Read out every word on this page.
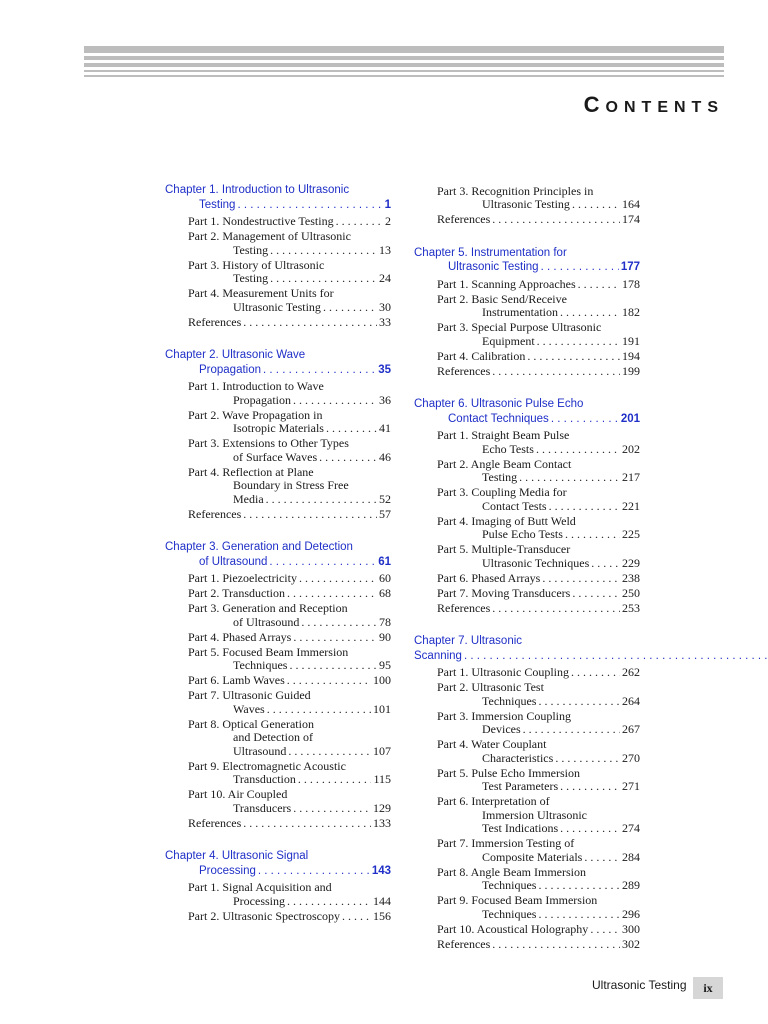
CONTENTS
Chapter 1. Introduction to Ultrasonic
Testing . . .	1
Part 1. Nondestructive Testing . . .	2
Part 2. Management of Ultrasonic
Testing . . .	13
Part 3. History of Ultrasonic
Testing . . .	24
Part 4. Measurement Units for
Ultrasonic Testing . . .	30
References . . .	33
Chapter 2. Ultrasonic Wave
Propagation . . .	35
Part 1. Introduction to Wave
Propagation . . .	36
Part 2. Wave Propagation in
Isotropic Materials . . .	41
Part 3. Extensions to Other Types
of Surface Waves . . .	46
Part 4. Reflection at Plane
Boundary in Stress Free
Media . . .	52
References . . .	57
Chapter 3. Generation and Detection
of Ultrasound . . .	61
Part 1. Piezoelectricity . . .	60
Part 2. Transduction . . .	68
Part 3. Generation and Reception
of Ultrasound . . .	78
Part 4. Phased Arrays . . .	90
Part 5. Focused Beam Immersion
Techniques . . .	95
Part 6. Lamb Waves . . .	100
Part 7. Ultrasonic Guided
Waves . . .	101
Part 8. Optical Generation
and Detection of
Ultrasound . . .	107
Part 9. Electromagnetic Acoustic
Transduction . . .	115
Part 10. Air Coupled
Transducers . . .	129
References . . .	133
Chapter 4. Ultrasonic Signal
Processing . . .	143
Part 1. Signal Acquisition and
Processing . . .	144
Part 2. Ultrasonic Spectroscopy . . .	156
Part 3. Recognition Principles in
Ultrasonic Testing . . .	164
References . . .	174
Chapter 5. Instrumentation for
Ultrasonic Testing . . .	177
Part 1. Scanning Approaches . . .	178
Part 2. Basic Send/Receive
Instrumentation . . .	182
Part 3. Special Purpose Ultrasonic
Equipment . . .	191
Part 4. Calibration . . .	194
References . . .	199
Chapter 6. Ultrasonic Pulse Echo
Contact Techniques . . .	201
Part 1. Straight Beam Pulse
Echo Tests . . .	202
Part 2. Angle Beam Contact
Testing . . .	217
Part 3. Coupling Media for
Contact Tests . . .	221
Part 4. Imaging of Butt Weld
Pulse Echo Tests . . .	225
Part 5. Multiple-Transducer
Ultrasonic Techniques . . .	229
Part 6. Phased Arrays . . .	238
Part 7. Moving Transducers . . .	250
References . . .	253
Chapter 7. Ultrasonic Scanning. . .
Part 1. Ultrasonic Coupling . . .	262
Part 2. Ultrasonic Test
Techniques . . .	264
Part 3. Immersion Coupling
Devices . . .	267
Part 4. Water Couplant
Characteristics . . .	270
Part 5. Pulse Echo Immersion
Test Parameters . . .	271
Part 6. Interpretation of
Immersion Ultrasonic
Test Indications . . .	274
Part 7. Immersion Testing of
Composite Materials . . .	284
Part 8. Angle Beam Immersion
Techniques . . .	289
Part 9. Focused Beam Immersion
Techniques . . .	296
Part 10. Acoustical Holography . . .	300
References . . .	302
Ultrasonic Testing	ix
